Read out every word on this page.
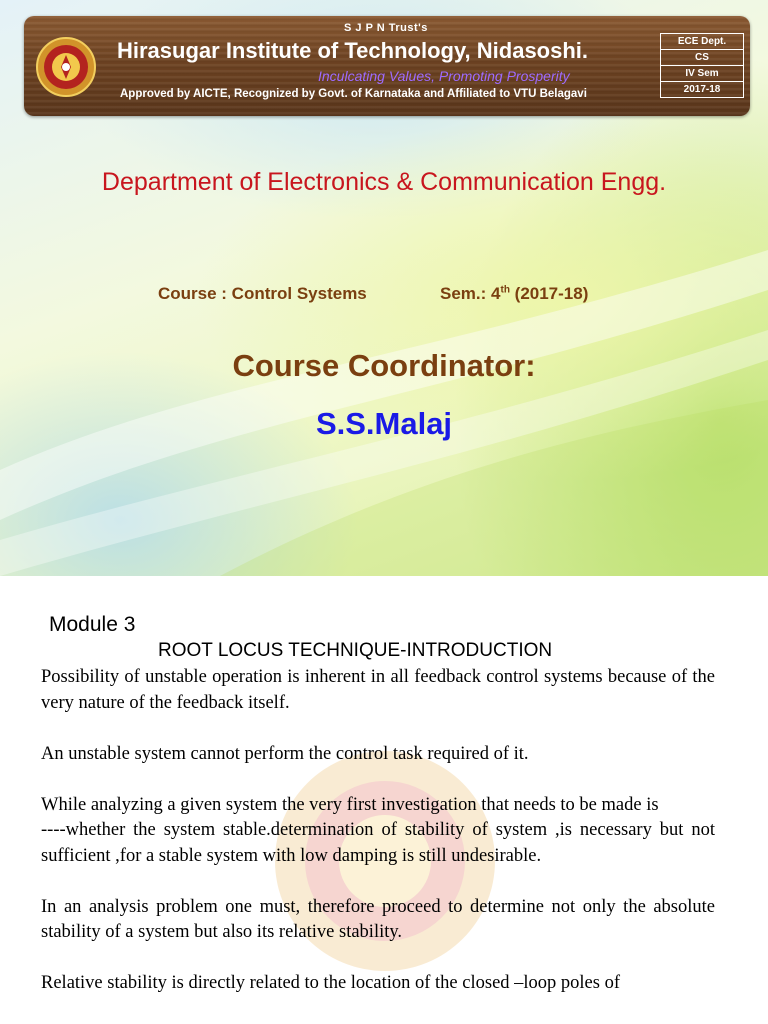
S J P N Trust's
Hirasugar Institute of Technology, Nidasoshi.
Inculcating Values, Promoting Prosperity
Approved by AICTE, Recognized by Govt. of Karnataka and Affiliated to VTU Belagavi
ECE Dept.
CS
IV Sem
2017-18
Department of Electronics & Communication Engg.
Course : Control Systems	Sem.: 4th (2017-18)
Course Coordinator:
S.S.Malaj
Module 3
ROOT LOCUS TECHNIQUE-INTRODUCTION

Possibility of unstable operation is inherent in all feedback control systems because of the very nature of the feedback itself.

An unstable system cannot perform the control task required of it.

While analyzing a given system the very first investigation that needs to be made is

----whether the system stable.determination of stability of system ,is necessary but not sufficient ,for a stable system with low damping is still undesirable.

In an analysis problem one must, therefore proceed to determine not only the absolute stability of a system but also its relative stability.

Relative stability is directly related to the location of the closed –loop poles of
